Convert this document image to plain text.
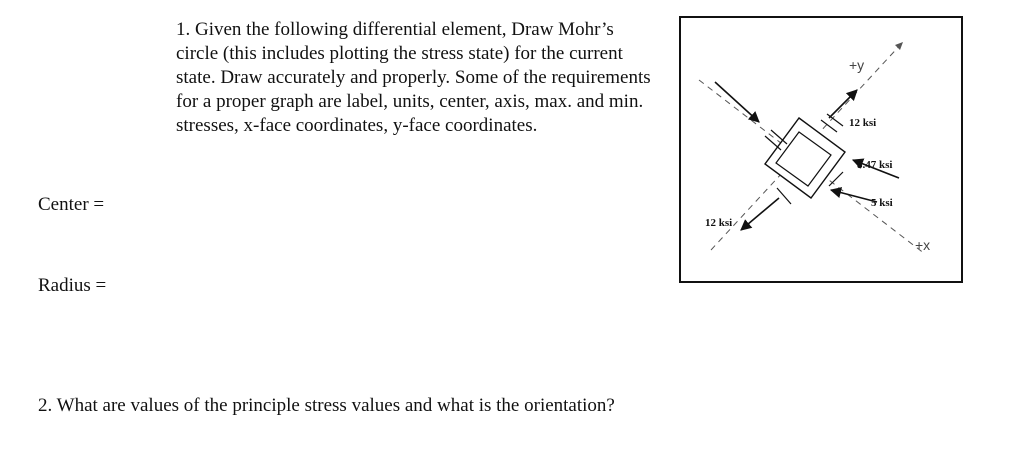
1. Given the following differential element, Draw Mohr’s circle (this includes plotting the stress state) for the current state. Draw accurately and properly. Some of the requirements for a proper graph are label, units, center, axis, max. and min. stresses, x-face coordinates, y-face coordinates.

+y
12 ksi
8.47 ksi
5 ksi
12 ksi
+x
Center =
Radius =
2. What are values of the principle stress values and what is the orientation?
